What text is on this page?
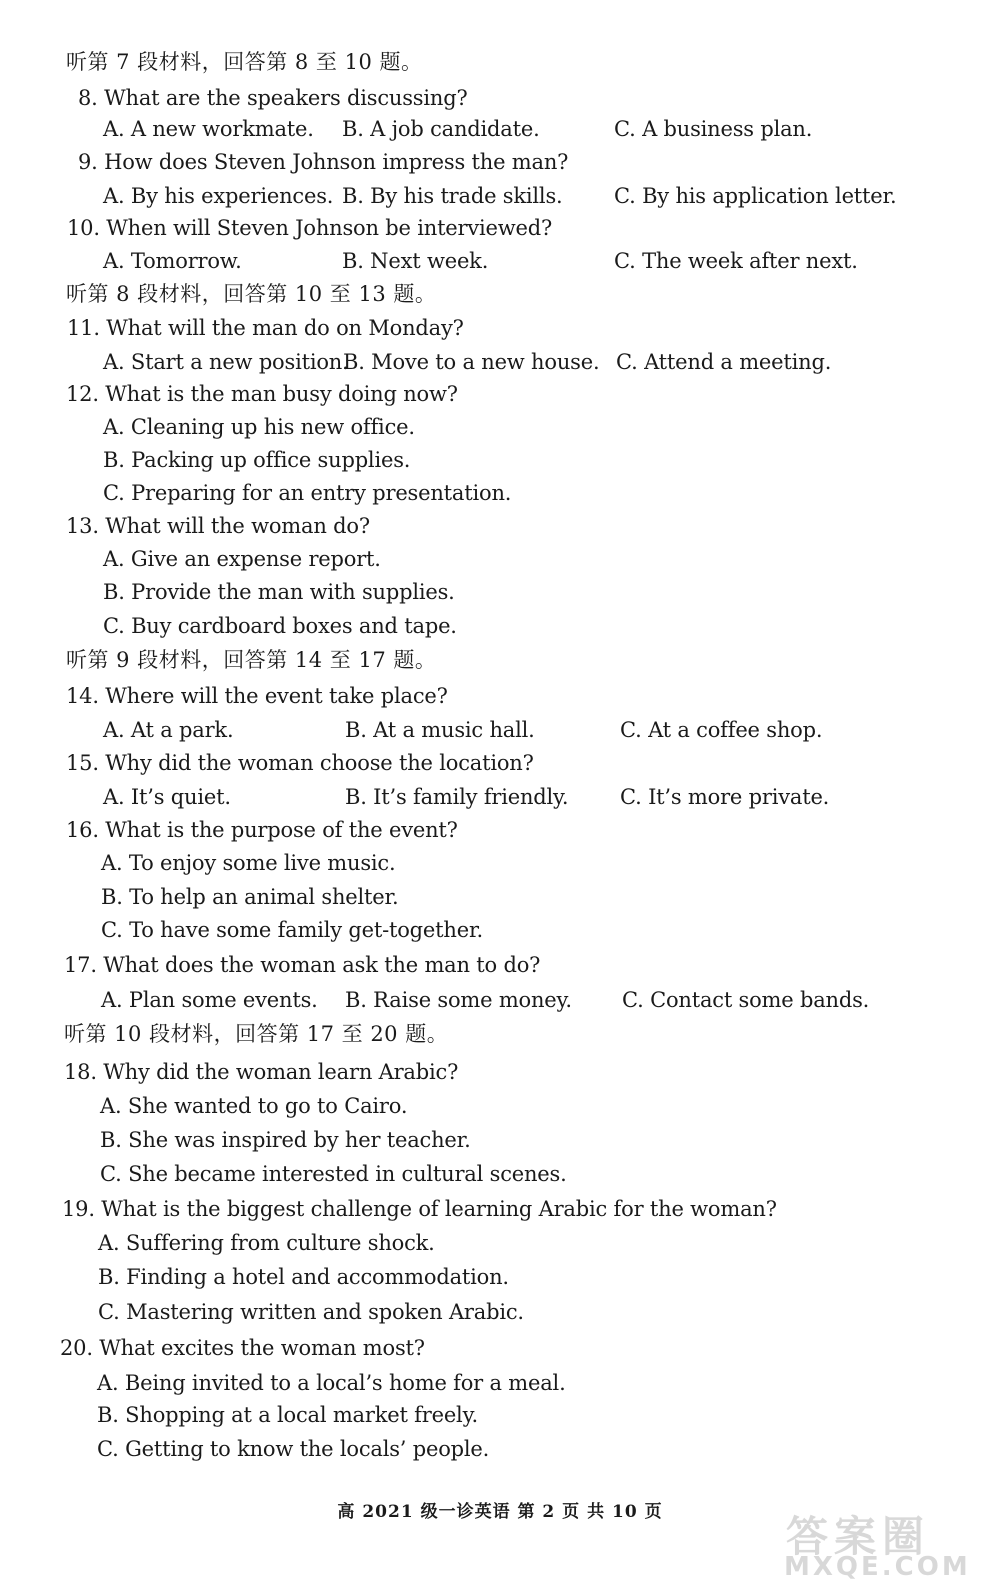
听第 7 段材料，回答第 8 至 10 题。
8. What are the speakers discussing?
A. A new workmate. B. A job candidate.	C. A business plan.
9. How does Steven Johnson impress the man?
A. By his experiences. B. By his trade skills. C. By his application letter.
10. When will Steven Johnson be interviewed?
A. Tomorrow.	B. Next week.	C. The week after next.
听第 8 段材料，回答第 10 至 13 题。
11. What will the man do on Monday?
A. Start a new position.
B. Move to a new house. C. Attend a meeting.
12. What is the man busy doing now?
A. Cleaning up his new office.
B. Packing up office supplies.
C. Preparing for an entry presentation.
13. What will the woman do?
A. Give an expense report.
B. Provide the man with supplies.
C. Buy cardboard boxes and tape.
听第 9 段材料，回答第 14 至 17 题。
14. Where will the event take place?
A. At a park.	B. At a music hall.	C. At a coffee shop.
15. Why did the woman choose the location?
A. It’s quiet.	B. It’s family friendly. C. It’s more private.
16. What is the purpose of the event?
A. To enjoy some live music.
B. To help an animal shelter.
C. To have some family get-together.
17. What does the woman ask the man to do?
A. Plan some events. B. Raise some money. C. Contact some bands.
听第 10 段材料，回答第 17 至 20 题。
18. Why did the woman learn Arabic?
A. She wanted to go to Cairo.
B. She was inspired by her teacher.
C. She became interested in cultural scenes.
19. What is the biggest challenge of learning Arabic for the woman?
A. Suffering from culture shock.
B. Finding a hotel and accommodation.
C. Mastering written and spoken Arabic.
20. What excites the woman most?
A. Being invited to a local’s home for a meal.
B. Shopping at a local market freely.
C. Getting to know the locals’ people.
高 2021 级一诊英语 第 2 页 共 10 页	答案圈
MXQE.COM
